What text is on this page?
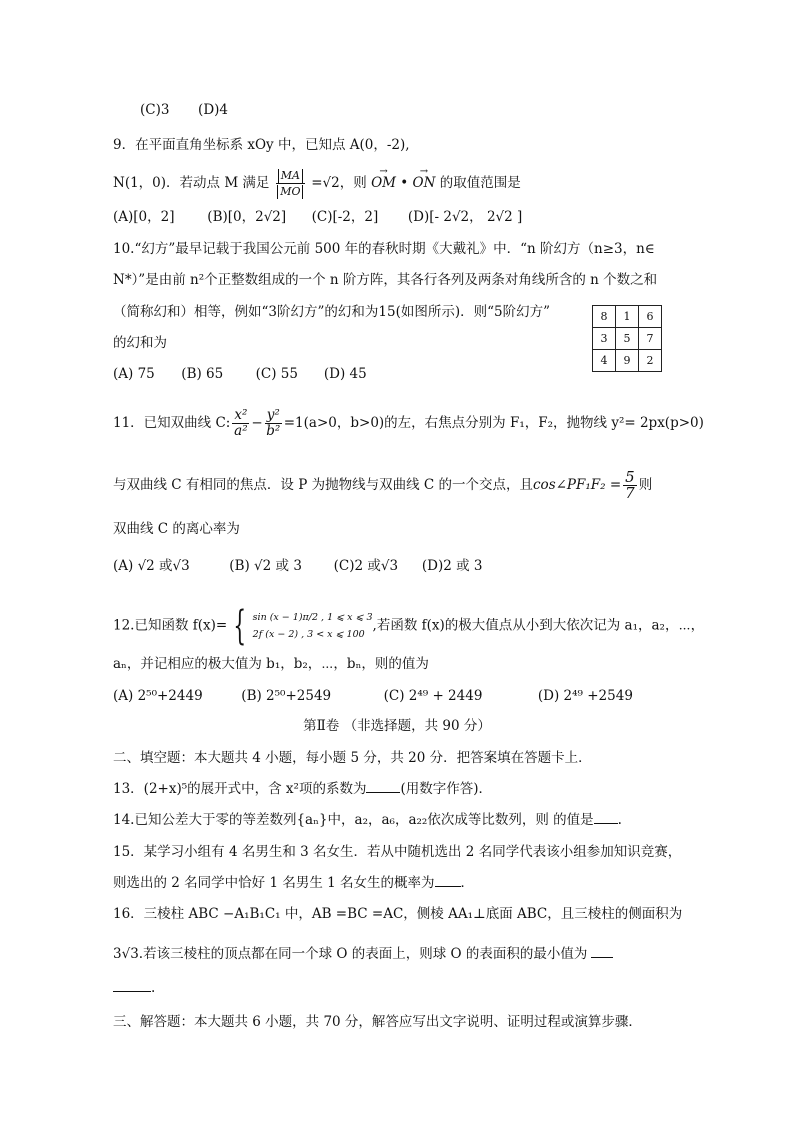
(C)3 (D)4
9．在平面直角坐标系 xOy 中，已知点 A(0，-2),
N(1，0)．若动点 M 满足 $\frac{MA}{MO} =√2$，则 → OM • → ON 的取值范围是
(A)[0，2] (B)[0，2√2] (C)[-2，2] (D)[- 2√2， 2√2 ]
10.“幻方”最早记载于我国公元前 500 年的春秋时期《大戴礼》中．“n 阶幻方（n≥3，n∈
N*）”是由前 n²个正整数组成的一个 n 阶方阵，其各行各列及两条对角线所含的 n 个数之和
（简称幻和）相等，例如“3阶幻方”的幻和为15(如图所示)．则“5阶幻方”
的幻和为
8	1	6
3	5	7
4	9	2
(A) 75 (B) 65 (C) 55 (D) 45
11．已知双曲线 C: $\frac{\text{x²}}{\text{a²}} - \frac{\text{y²}}{\text{b²}} =1(a>0$，b>0)的左，右焦点分别为 F₁，F₂，抛物线 y²= 2px(p>0)
与双曲线 C 有相同的焦点．设 P 为抛物线与双曲线 C 的一个交点，且cos∠PF₁F₂ = $\frac{5}{7}$ 则
双曲线 C 的离心率为
(A) √2 或√3	(B) √2 或 3 (C)2 或√3 (D)2 或 3
12.已知函数 f(x)= { sin (x − 1)π/2 , 1 ⩽ x ⩽ 3
2f (x − 2) , 3 < x ⩽ 100
,若函数 f(x)的极大值点从小到大依次记为 a₁，a₂，⋯，
aₙ，并记相应的极大值为 b₁，b₂，⋯，bₙ，则的值为
(A) 2⁵⁰+2449	(B) 2⁵⁰+2549	(C) 2⁴⁹ + 2449	(D) 2⁴⁹ +2549
第Ⅱ卷 （非选择题，共 90 分）
二、填空题：本大题共 4 小题，每小题 5 分，共 20 分．把答案填在答题卡上．
13．(2+x)⁵的展开式中，含 x²项的系数为	(用数字作答)．
14.已知公差大于零的等差数列{aₙ}中，a₂，a₆，a₂₂依次成等比数列，则 的值是 .
15．某学习小组有 4 名男生和 3 名女生．若从中随机选出 2 名同学代表该小组参加知识竞赛，
则选出的 2 名同学中恰好 1 名男生 1 名女生的概率为 ．
16．三棱柱 ABC −A₁B₁C₁ 中，AB =BC =AC，侧棱 AA₁⊥底面 ABC，且三棱柱的侧面积为
3√3.若该三棱柱的顶点都在同一个球 O 的表面上，则球 O 的表面积的最小值为
.
三、解答题：本大题共 6 小题，共 70 分，解答应写出文字说明、证明过程或演算步骤．
